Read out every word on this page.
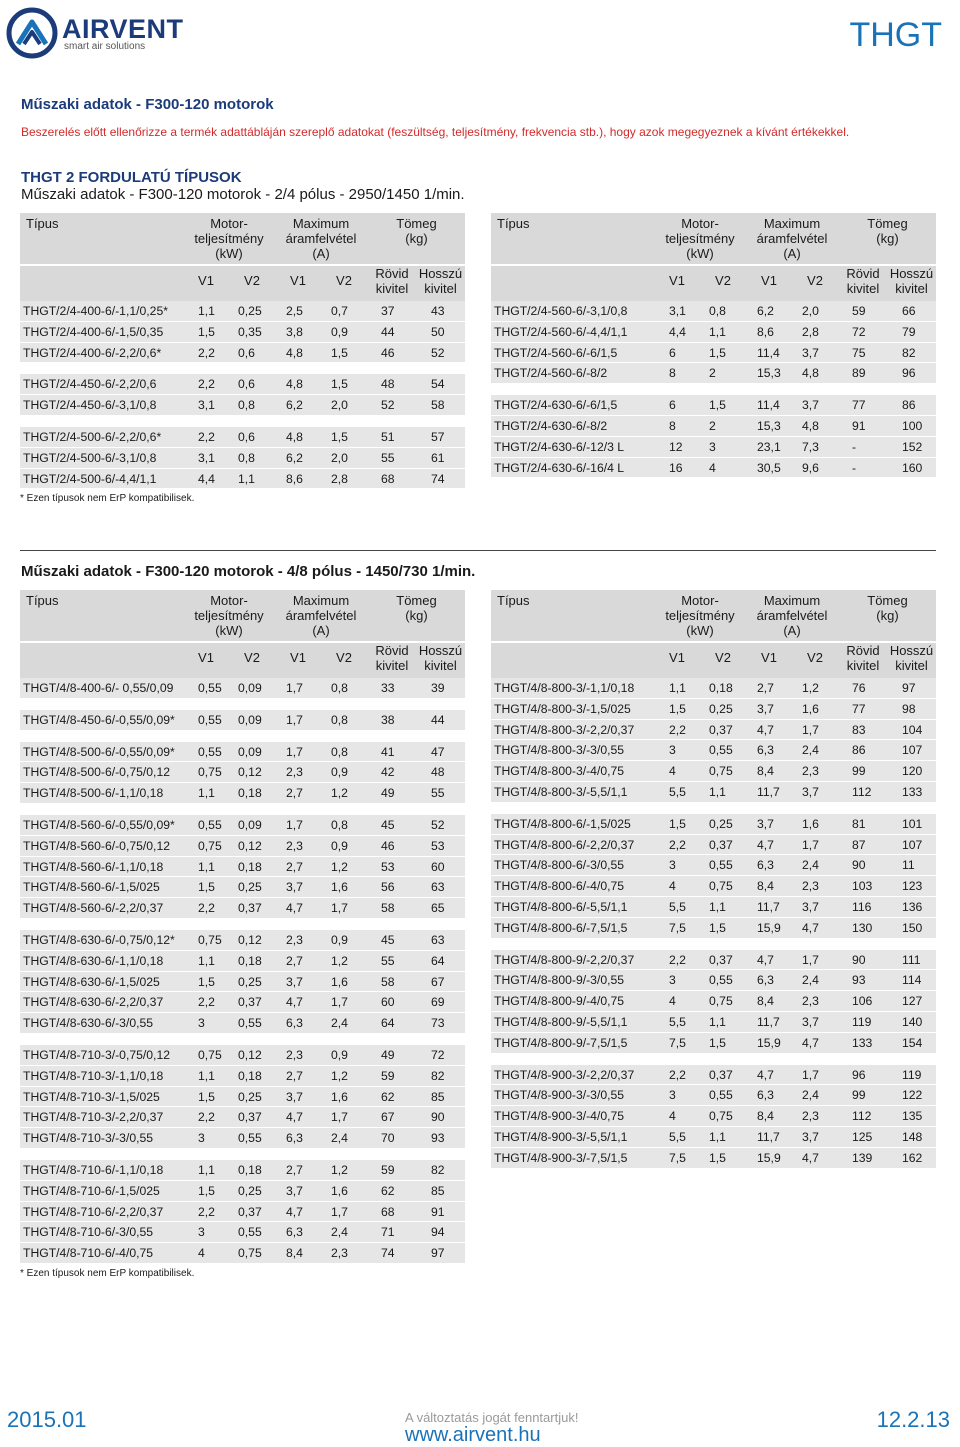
AIRVENT
smart air solutions	THGT
Műszaki adatok - F300-120 motorok
Beszerelés előtt ellenőrizze a termék adattábláján szereplő adatokat (feszültség, teljesítmény, frekvencia stb.), hogy azok megegyeznek a kívánt értékekkel.
THGT 2 FORDULATÚ TÍPUSOK
Műszaki adatok - F300-120 motorok - 2/4 pólus - 2950/1450 1/min.
Típus	Motor-
teljesítmény
(kW)
Maximum
áramfelvétel
(A)
Tömeg
(kg)
V1	V2	V1	V2	Rövid
kivitel
Hosszú
kivitel
THGT/2/4-400-6/-1,1/0,25* 1,1 0,25 2,5 0,7	37	43
THGT/2/4-400-6/-1,5/0,35	1,5 0,35 3,8 0,9	44	50
THGT/2/4-400-6/-2,2/0,6*	2,2 0,6	4,8 1,5	46	52
THGT/2/4-450-6/-2,2/0,6	2,2 0,6	4,8 1,5	48	54
THGT/2/4-450-6/-3,1/0,8	3,1 0,8	6,2 2,0	52	58
THGT/2/4-500-6/-2,2/0,6*	2,2 0,6	4,8 1,5	51	57
THGT/2/4-500-6/-3,1/0,8	3,1 0,8	6,2 2,0	55	61
THGT/2/4-500-6/-4,4/1,1	4,4 1,1	8,6 2,8	68	74
* Ezen típusok nem ErP kompatibilisek.
Típus	Motor-
teljesítmény
(kW)
Maximum
áramfelvétel
(A)
Tömeg
(kg)
V1	V2	V1	V2	Rövid
kivitel
Hosszú
kivitel
THGT/2/4-560-6/-3,1/0,8	3,1 0,8	6,2 2,0	59	66
THGT/2/4-560-6/-4,4/1,1	4,4 1,1	8,6 2,8	72	79
THGT/2/4-560-6/-6/1,5	6	1,5	11,4 3,7	75	82
THGT/2/4-560-6/-8/2	8	2	15,3 4,8	89	96
THGT/2/4-630-6/-6/1,5	6	1,5	11,4 3,7	77	86
THGT/2/4-630-6/-8/2	8	2	15,3 4,8	91	100
THGT/2/4-630-6/-12/3 L	12 3	23,1 7,3	-	152
THGT/2/4-630-6/-16/4 L	16 4	30,5 9,6	-	160
Műszaki adatok - F300-120 motorok - 4/8 pólus - 1450/730 1/min.
Típus	Motor-
teljesítmény
(kW)
Maximum
áramfelvétel
(A)
Tömeg
(kg)
V1	V2	V1	V2	Rövid
kivitel
Hosszú
kivitel
THGT/4/8-400-6/- 0,55/0,09 0,55 0,09 1,7 0,8	33	39
THGT/4/8-450-6/-0,55/0,09* 0,55 0,09 1,7 0,8	38	44
THGT/4/8-500-6/-0,55/0,09* 0,55 0,09 1,7 0,8	41	47
THGT/4/8-500-6/-0,75/0,12 0,75 0,12 2,3 0,9	42	48
THGT/4/8-500-6/-1,1/0,18	1,1 0,18 2,7 1,2	49	55
THGT/4/8-560-6/-0,55/0,09* 0,55 0,09 1,7 0,8	45	52
THGT/4/8-560-6/-0,75/0,12 0,75 0,12 2,3 0,9	46	53
THGT/4/8-560-6/-1,1/0,18	1,1 0,18 2,7 1,2	53	60
THGT/4/8-560-6/-1,5/025	1,5 0,25 3,7 1,6	56	63
THGT/4/8-560-6/-2,2/0,37	2,2 0,37 4,7 1,7	58	65
THGT/4/8-630-6/-0,75/0,12* 0,75 0,12 2,3 0,9	45	63
THGT/4/8-630-6/-1,1/0,18	1,1 0,18 2,7 1,2	55	64
THGT/4/8-630-6/-1,5/025	1,5 0,25 3,7 1,6	58	67
THGT/4/8-630-6/-2,2/0,37	2,2 0,37 4,7 1,7	60	69
THGT/4/8-630-6/-3/0,55	3	0,55 6,3 2,4	64	73
THGT/4/8-710-3/-0,75/0,12 0,75 0,12 2,3 0,9	49	72
THGT/4/8-710-3/-1,1/0,18	1,1 0,18 2,7 1,2	59	82
THGT/4/8-710-3/-1,5/025	1,5 0,25 3,7 1,6	62	85
THGT/4/8-710-3/-2,2/0,37	2,2 0,37 4,7 1,7	67	90
THGT/4/8-710-3/-3/0,55	3	0,55 6,3 2,4	70	93
THGT/4/8-710-6/-1,1/0,18	1,1 0,18 2,7 1,2	59	82
THGT/4/8-710-6/-1,5/025	1,5 0,25 3,7 1,6	62	85
THGT/4/8-710-6/-2,2/0,37	2,2 0,37 4,7 1,7	68	91
THGT/4/8-710-6/-3/0,55	3	0,55 6,3 2,4	71	94
THGT/4/8-710-6/-4/0,75	4	0,75 8,4 2,3	74	97
* Ezen típusok nem ErP kompatibilisek.
Típus	Motor-
teljesítmény
(kW)
Maximum
áramfelvétel
(A)
Tömeg
(kg)
V1	V2	V1	V2	Rövid
kivitel
Hosszú
kivitel
THGT/4/8-800-3/-1,1/0,18	1,1 0,18 2,7 1,2	76	97
THGT/4/8-800-3/-1,5/025	1,5 0,25 3,7 1,6	77	98
THGT/4/8-800-3/-2,2/0,37	2,2 0,37 4,7 1,7	83	104
THGT/4/8-800-3/-3/0,55	3	0,55 6,3 2,4	86	107
THGT/4/8-800-3/-4/0,75	4	0,75 8,4 2,3	99	120
THGT/4/8-800-3/-5,5/1,1	5,5 1,1	11,7 3,7	112	133
THGT/4/8-800-6/-1,5/025	1,5 0,25 3,7 1,6	81	101
THGT/4/8-800-6/-2,2/0,37	2,2 0,37 4,7 1,7	87	107
THGT/4/8-800-6/-3/0,55	3	0,55 6,3 2,4	90	11
THGT/4/8-800-6/-4/0,75	4	0,75 8,4 2,3	103 123
THGT/4/8-800-6/-5,5/1,1	5,5 1,1	11,7 3,7	116	136
THGT/4/8-800-6/-7,5/1,5	7,5 1,5	15,9 4,7	130 150
THGT/4/8-800-9/-2,2/0,37	2,2 0,37 4,7 1,7	90	111
THGT/4/8-800-9/-3/0,55	3	0,55 6,3 2,4	93	114
THGT/4/8-800-9/-4/0,75	4	0,75 8,4 2,3	106 127
THGT/4/8-800-9/-5,5/1,1	5,5 1,1	11,7 3,7	119	140
THGT/4/8-800-9/-7,5/1,5	7,5 1,5	15,9 4,7	133 154
THGT/4/8-900-3/-2,2/0,37	2,2 0,37 4,7 1,7	96	119
THGT/4/8-900-3/-3/0,55	3	0,55 6,3 2,4	99	122
THGT/4/8-900-3/-4/0,75	4	0,75 8,4 2,3	112	135
THGT/4/8-900-3/-5,5/1,1	5,5 1,1	11,7 3,7	125 148
THGT/4/8-900-3/-7,5/1,5	7,5 1,5	15,9 4,7	139 162
2015.01	A változtatás jogát fenntartjuk!
www.airvent.hu
12.2.13
